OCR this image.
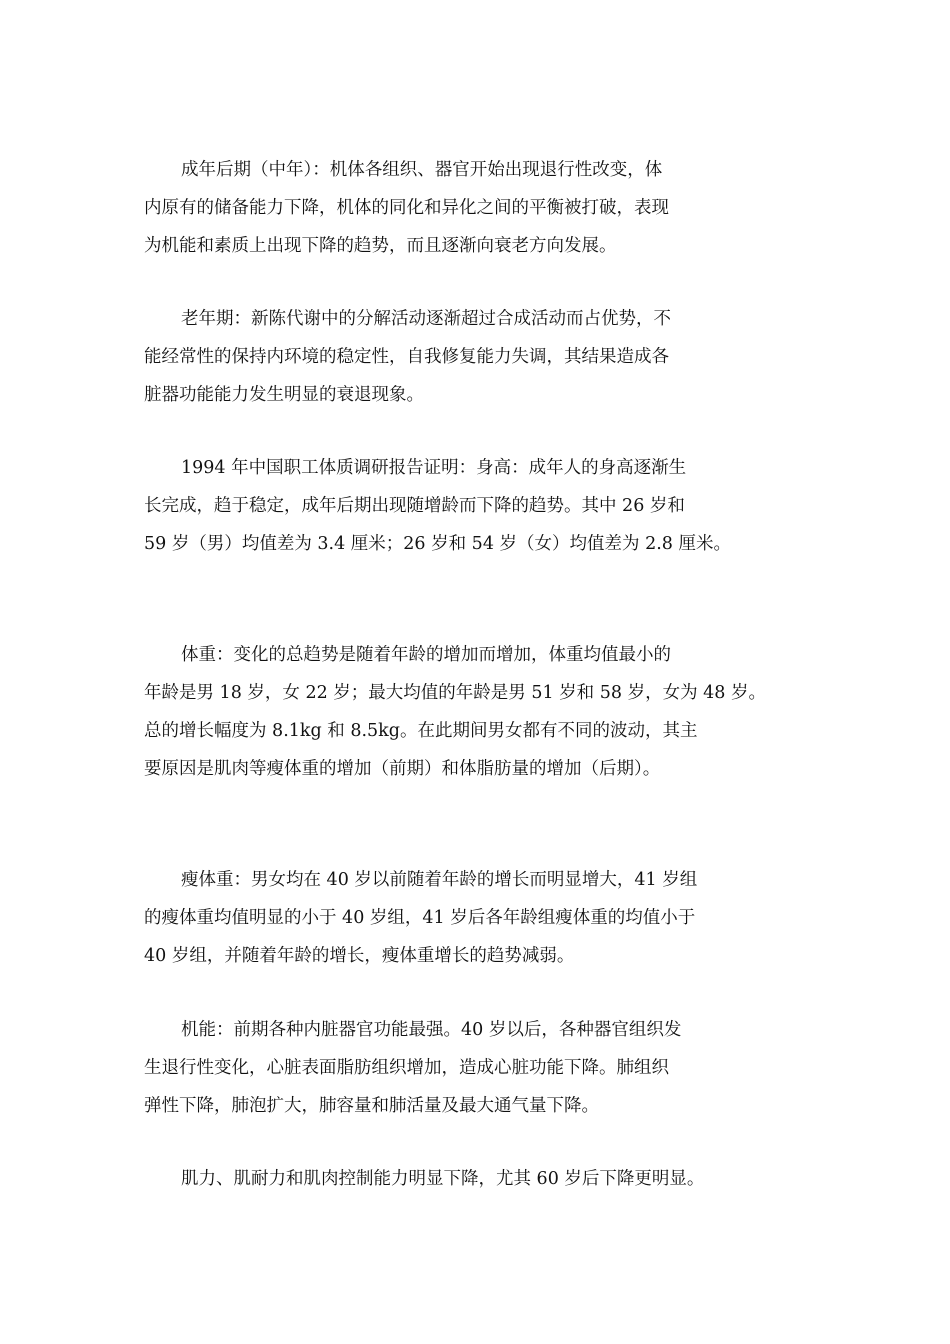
成年后期（中年）：机体各组织、器官开始出现退行性改变，体
内原有的储备能力下降，机体的同化和异化之间的平衡被打破，表现
为机能和素质上出现下降的趋势，而且逐渐向衰老方向发展。

老年期：新陈代谢中的分解活动逐渐超过合成活动而占优势，不
能经常性的保持内环境的稳定性，自我修复能力失调，其结果造成各
脏器功能能力发生明显的衰退现象。

1994 年中国职工体质调研报告证明：身高：成年人的身高逐渐生
长完成，趋于稳定，成年后期出现随增龄而下降的趋势。其中 26 岁和
59 岁（男）均值差为 3.4 厘米；26 岁和 54 岁（女）均值差为 2.8 厘米。

体重：变化的总趋势是随着年龄的增加而增加，体重均值最小的
年龄是男 18 岁，女 22 岁；最大均值的年龄是男 51 岁和 58 岁，女为 48 岁。
总的增长幅度为 8.1kg 和 8.5kg。在此期间男女都有不同的波动，其主
要原因是肌肉等瘦体重的增加（前期）和体脂肪量的增加（后期）。

瘦体重：男女均在 40 岁以前随着年龄的增长而明显增大，41 岁组
的瘦体重均值明显的小于 40 岁组，41 岁后各年龄组瘦体重的均值小于
40 岁组，并随着年龄的增长，瘦体重增长的趋势减弱。

机能：前期各种内脏器官功能最强。40 岁以后，各种器官组织发
生退行性变化，心脏表面脂肪组织增加，造成心脏功能下降。肺组织
弹性下降，肺泡扩大，肺容量和肺活量及最大通气量下降。

肌力、肌耐力和肌肉控制能力明显下降，尤其 60 岁后下降更明显。
